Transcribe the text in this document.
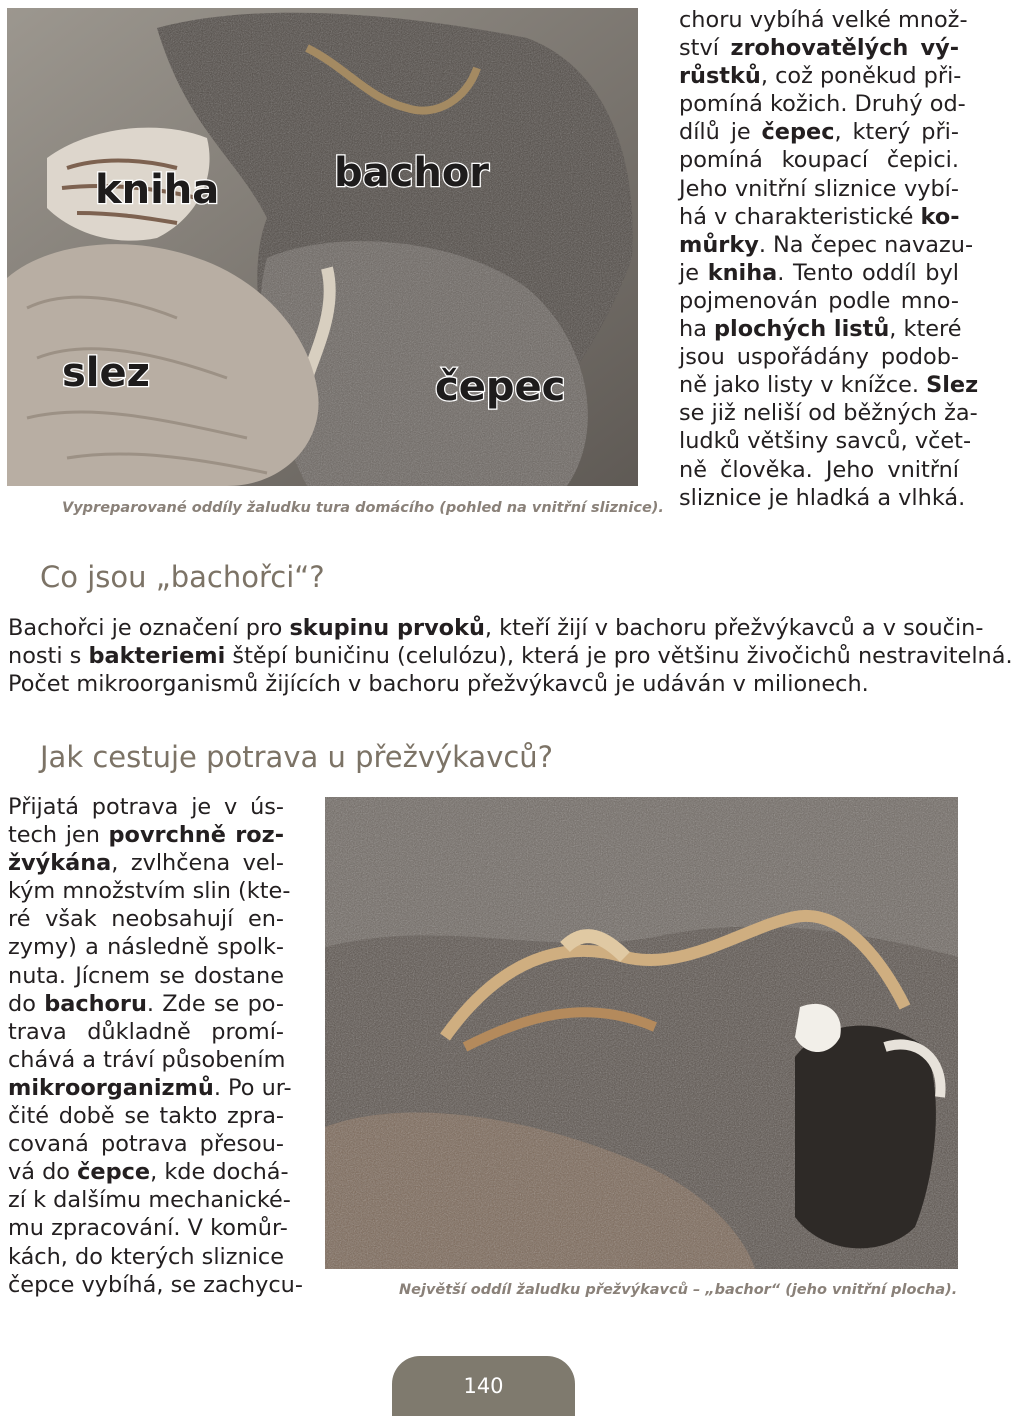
kniha	bachor
slez	čepec
Vypreparované oddíly žaludku tura domácího (pohled na vnitřní sliznice).
choru vybíhá velké množ-
ství zrohovatělých vý-
růstků, což poněkud při-
pomíná kožich. Druhý od-
dílů je čepec, který při-
pomíná koupací čepici.
Jeho vnitřní sliznice vybí-
há v charakteristické ko-
můrky. Na čepec navazu-
je kniha. Tento oddíl byl
pojmenován podle mno-
ha plochých listů, které
jsou uspořádány podob-
ně jako listy v knížce. Slez
se již neliší od běžných ža-
ludků většiny savců, včet-
ně člověka. Jeho vnitřní
sliznice je hladká a vlhká.
Co jsou „bachořci“?
Bachořci je označení pro skupinu prvoků, kteří žijí v bachoru přežvýkavců a v součin-
nosti s bakteriemi štěpí buničinu (celulózu), která je pro většinu živočichů nestravitelná.
Počet mikroorganismů žijících v bachoru přežvýkavců je udáván v milionech.
Jak cestuje potrava u přežvýkavců?
Přijatá potrava je v ús-
tech jen povrchně roz-
žvýkána, zvlhčena vel-
kým množstvím slin (kte-
ré však neobsahují en-
zymy) a následně spolk-
nuta. Jícnem se dostane
do bachoru. Zde se po-
trava důkladně promí-
chává a tráví působením
mikroorganizmů. Po ur-
čité době se takto zpra-
covaná potrava přesou-
vá do čepce, kde dochá-
zí k dalšímu mechanické-
mu zpracování. V komůr-
kách, do kterých sliznice
čepce vybíhá, se zachycu-	Největší oddíl žaludku přežvýkavců – „bachor“ (jeho vnitřní plocha).
140
